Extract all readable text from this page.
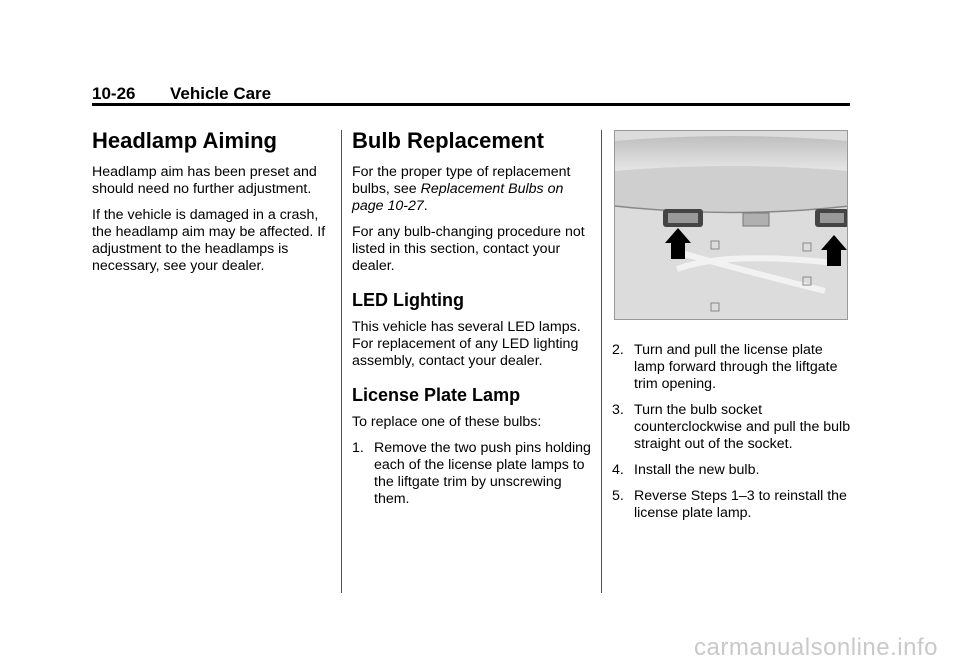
10-26 Vehicle Care
Headlamp Aiming

Headlamp aim has been preset and should need no further adjustment.

If the vehicle is damaged in a crash, the headlamp aim may be affected. If adjustment to the headlamps is necessary, see your dealer.

Bulb Replacement

For the proper type of replacement bulbs, see Replacement Bulbs on page 10-27.

For any bulb-changing procedure not listed in this section, contact your dealer.

LED Lighting

This vehicle has several LED lamps. For replacement of any LED lighting assembly, contact your dealer.

License Plate Lamp

To replace one of these bulbs:

1. Remove the two push pins holding each of the license plate lamps to the liftgate trim by unscrewing them.

2. Turn and pull the license plate lamp forward through the liftgate trim opening.

3. Turn the bulb socket counterclockwise and pull the bulb straight out of the socket.

4. Install the new bulb.

5. Reverse Steps 1–3 to reinstall the license plate lamp.

carmanualsonline.info
